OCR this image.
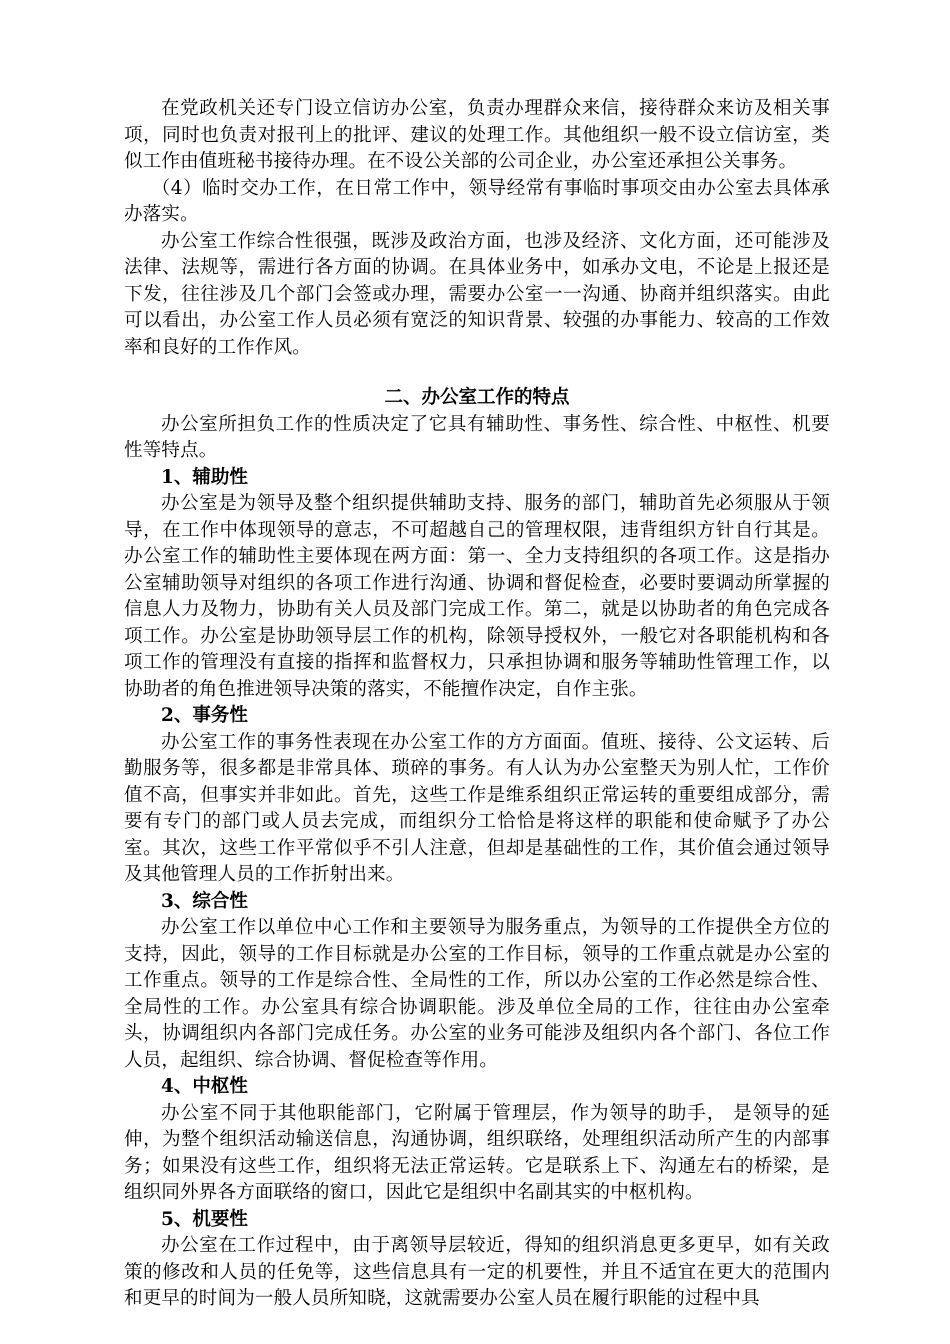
在党政机关还专门设立信访办公室，负责办理群众来信，接待群众来访及相关事项，同时也负责对报刊上的批评、建议的处理工作。其他组织一般不设立信访室，类似工作由值班秘书接待办理。在不设公关部的公司企业，办公室还承担公关事务。

（4）临时交办工作，在日常工作中，领导经常有事临时事项交由办公室去具体承办落实。

办公室工作综合性很强，既涉及政治方面，也涉及经济、文化方面，还可能涉及法律、法规等，需进行各方面的协调。在具体业务中，如承办文电，不论是上报还是下发，往往涉及几个部门会签或办理，需要办公室一一沟通、协商并组织落实。由此可以看出，办公室工作人员必须有宽泛的知识背景、较强的办事能力、较高的工作效率和良好的工作作风。

二、办公室工作的特点

办公室所担负工作的性质决定了它具有辅助性、事务性、综合性、中枢性、机要性等特点。

1、辅助性

办公室是为领导及整个组织提供辅助支持、服务的部门，辅助首先必须服从于领导，在工作中体现领导的意志，不可超越自己的管理权限，违背组织方针自行其是。办公室工作的辅助性主要体现在两方面：第一、全力支持组织的各项工作。这是指办公室辅助领导对组织的各项工作进行沟通、协调和督促检查，必要时要调动所掌握的信息人力及物力，协助有关人员及部门完成工作。第二，就是以协助者的角色完成各项工作。办公室是协助领导层工作的机构，除领导授权外，一般它对各职能机构和各项工作的管理没有直接的指挥和监督权力，只承担协调和服务等辅助性管理工作，以协助者的角色推进领导决策的落实，不能擅作决定，自作主张。

2、事务性

办公室工作的事务性表现在办公室工作的方方面面。值班、接待、公文运转、后勤服务等，很多都是非常具体、琐碎的事务。有人认为办公室整天为别人忙，工作价值不高，但事实并非如此。首先，这些工作是维系组织正常运转的重要组成部分，需要有专门的部门或人员去完成，而组织分工恰恰是将这样的职能和使命赋予了办公室。其次，这些工作平常似乎不引人注意，但却是基础性的工作，其价值会通过领导及其他管理人员的工作折射出来。

3、综合性

办公室工作以单位中心工作和主要领导为服务重点，为领导的工作提供全方位的支持，因此，领导的工作目标就是办公室的工作目标，领导的工作重点就是办公室的工作重点。领导的工作是综合性、全局性的工作，所以办公室的工作必然是综合性、全局性的工作。办公室具有综合协调职能。涉及单位全局的工作，往往由办公室牵头，协调组织内各部门完成任务。办公室的业务可能涉及组织内各个部门、各位工作人员，起组织、综合协调、督促检查等作用。

4、中枢性

办公室不同于其他职能部门，它附属于管理层，作为领导的助手， 是领导的延伸，为整个组织活动输送信息，沟通协调，组织联络，处理组织活动所产生的内部事务；如果没有这些工作，组织将无法正常运转。它是联系上下、沟通左右的桥梁，是组织同外界各方面联络的窗口，因此它是组织中名副其实的中枢机构。

5、机要性

办公室在工作过程中，由于离领导层较近，得知的组织消息更多更早，如有关政策的修改和人员的任免等，这些信息具有一定的机要性，并且不适宜在更大的范围内和更早的时间为一般人员所知晓，这就需要办公室人员在履行职能的过程中具
